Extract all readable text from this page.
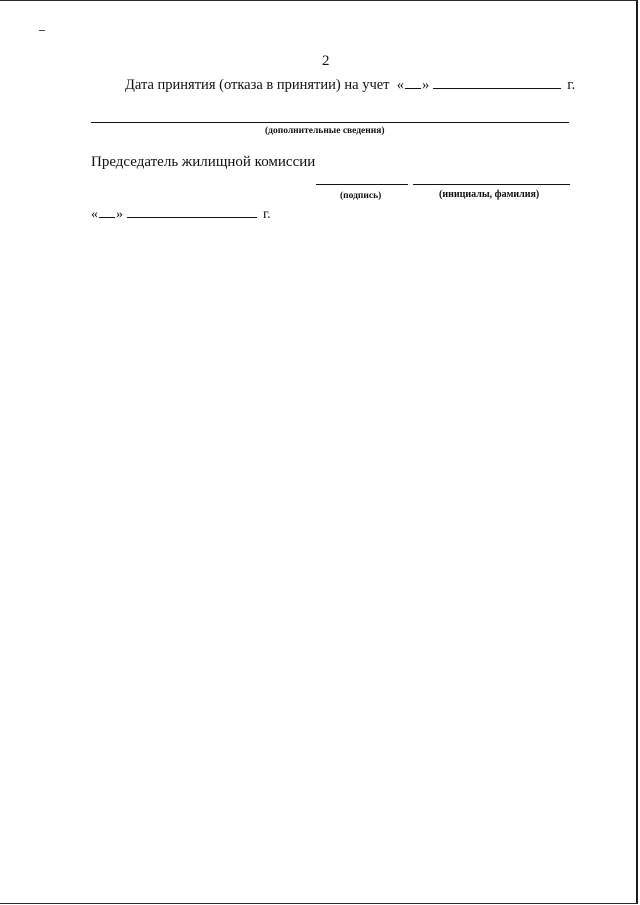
2
Дата принятия (отказа в принятии) на учет « »	г.
(дополнительные сведения)
Председатель жилищной комиссии
(подпись)	(инициалы, фамилия)
« »	г.
